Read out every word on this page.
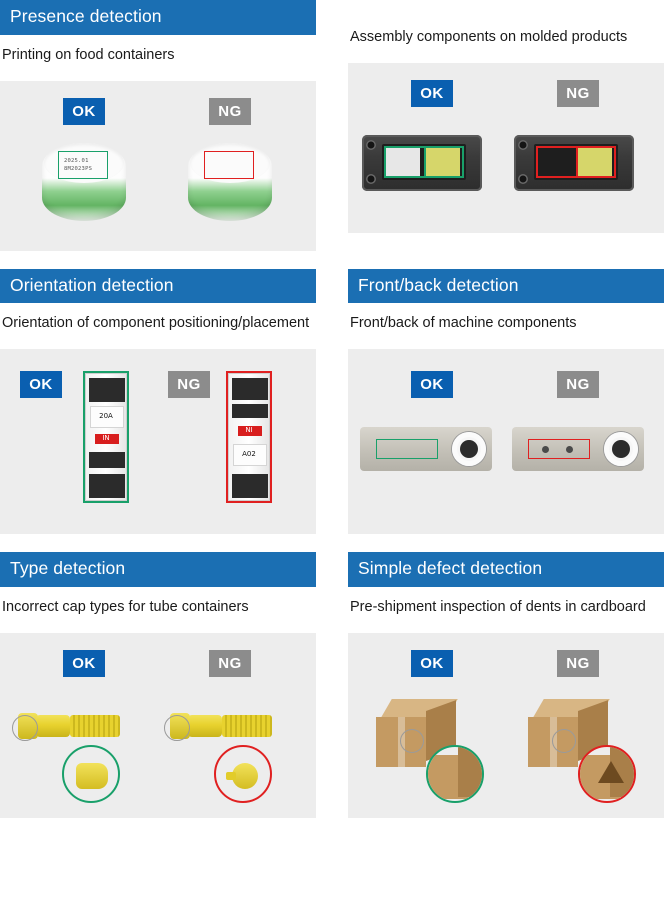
Presence detection
Printing on food containers
OK	NG
2025.01
8M2023PS
Assembly components on molded products
OK	NG
Orientation detection
Orientation of component positioning/placement
OK	NG
20A
IN
NI
A02
Front/back detection
Front/back of machine components
OK	NG
Type detection
Incorrect cap types for tube containers
OK	NG
Simple defect detection
Pre-shipment inspection of dents in cardboard
OK	NG
